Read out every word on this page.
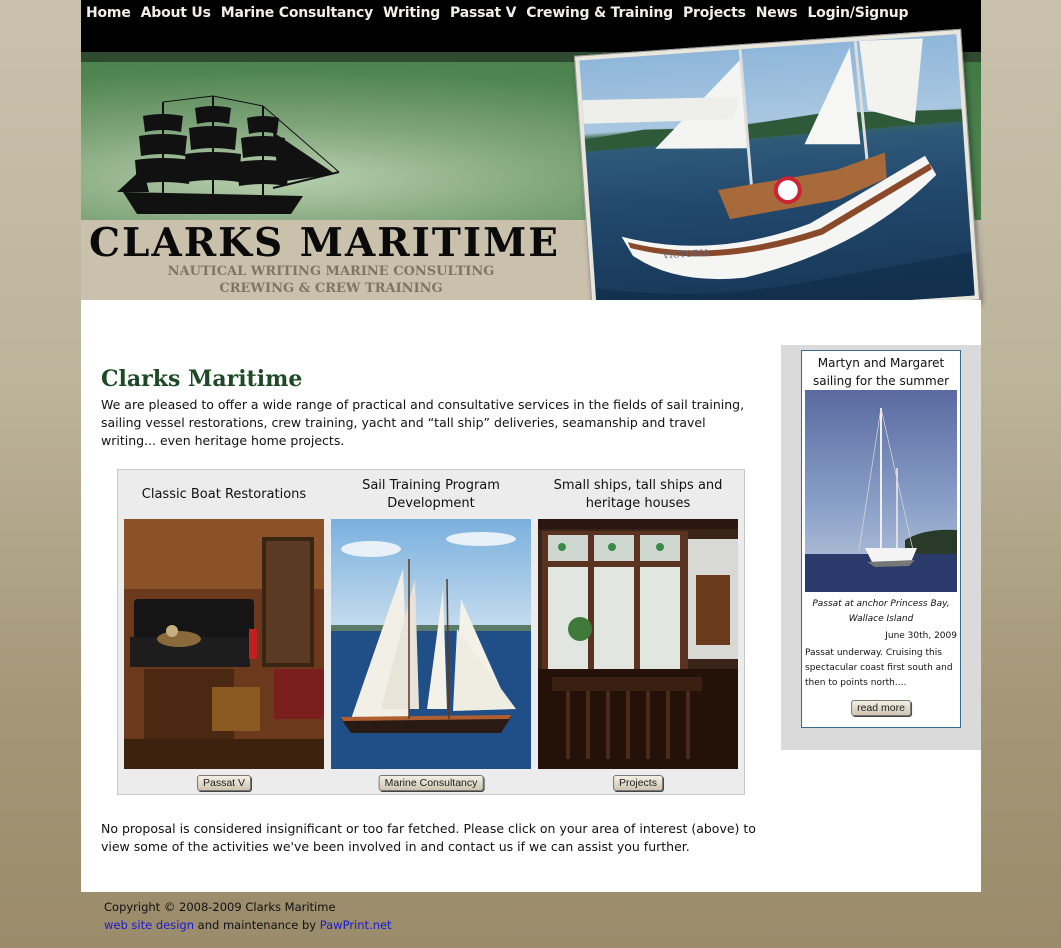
Home About Us Marine Consultancy Writing Passat V Crewing & Training Projects News Login/Signup
CLARKS MARITIME
NAUTICAL WRITING MARINE CONSULTING
CREWING & CREW TRAINING
VICTORIA
Clarks Maritime

We are pleased to offer a wide range of practical and consultative services in the fields of sail training, sailing vessel restorations, crew training, yacht and “tall ship” deliveries, seamanship and travel writing... even heritage home projects.

Classic Boat Restorations
Passat V
Sail Training Program Development
Marine Consultancy
Small ships, tall ships and heritage houses
Projects

No proposal is considered insignificant or too far fetched. Please click on your area of interest (above) to view some of the activities we've been involved in and contact us if we can assist you further.

Martyn and Margaret sailing for the summer
Passat at anchor Princess Bay, Wallace Island
June 30th, 2009
Passat underway. Cruising this spectacular coast first south and then to points north....
read more
Copyright © 2008-2009 Clarks Maritime
web site design and maintenance by PawPrint.net
